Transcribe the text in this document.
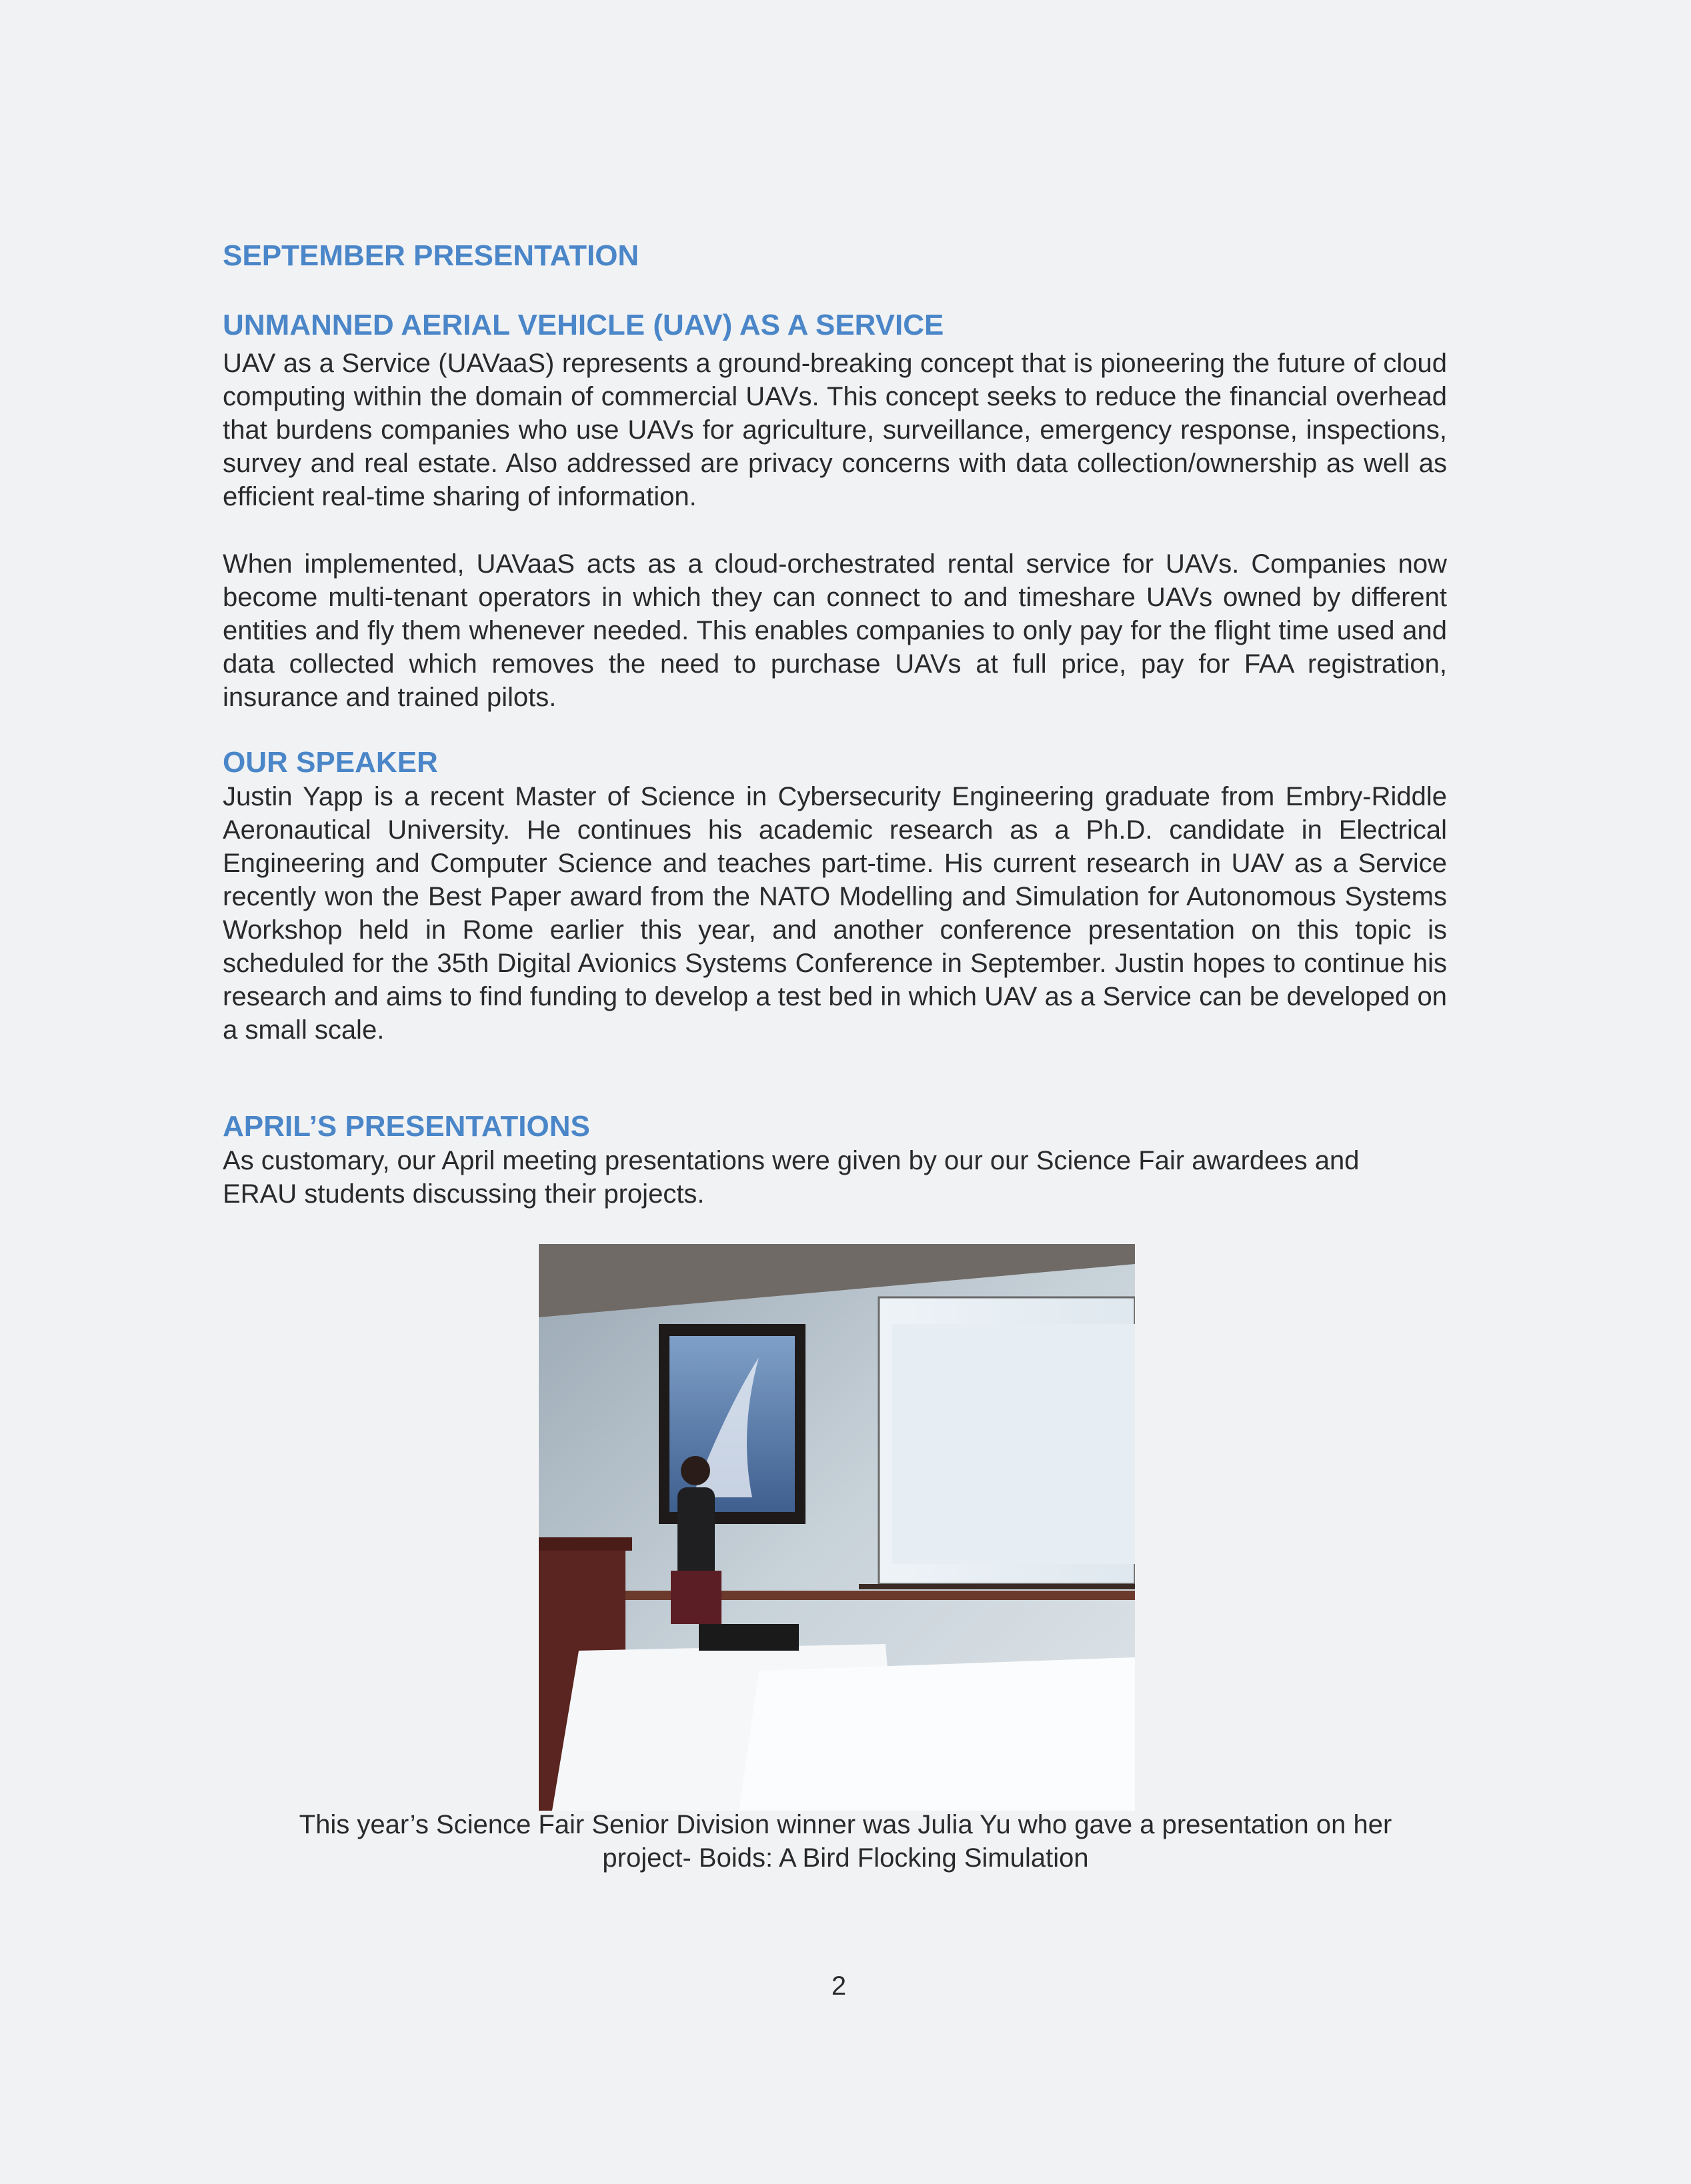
SEPTEMBER PRESENTATION
UNMANNED AERIAL VEHICLE (UAV) AS A SERVICE

UAV as a Service (UAVaaS) represents a ground-breaking concept that is pioneering the future of cloud computing within the domain of commercial UAVs. This concept seeks to reduce the financial overhead that burdens companies who use UAVs for agriculture, surveillance, emergency response, inspections, survey and real estate. Also addressed are privacy concerns with data collection/ownership as well as efficient real-time sharing of information.

When implemented, UAVaaS acts as a cloud-orchestrated rental service for UAVs. Companies now become multi-tenant operators in which they can connect to and timeshare UAVs owned by different entities and fly them whenever needed. This enables companies to only pay for the flight time used and data collected which removes the need to purchase UAVs at full price, pay for FAA registration, insurance and trained pilots.

OUR SPEAKER

Justin Yapp is a recent Master of Science in Cybersecurity Engineering graduate from Embry-Riddle Aeronautical University. He continues his academic research as a Ph.D. candidate in Electrical Engineering and Computer Science and teaches part-time. His current research in UAV as a Service recently won the Best Paper award from the NATO Modelling and Simulation for Autonomous Systems Workshop held in Rome earlier this year, and another conference presentation on this topic is scheduled for the 35th Digital Avionics Systems Conference in September. Justin hopes to continue his research and aims to find funding to develop a test bed in which UAV as a Service can be developed on a small scale.

APRIL’S PRESENTATIONS

As customary, our April meeting presentations were given by our our Science Fair awardees and ERAU students discussing their projects.

This year’s Science Fair Senior Division winner was Julia Yu who gave a presentation on her
project- Boids: A Bird Flocking Simulation

2
